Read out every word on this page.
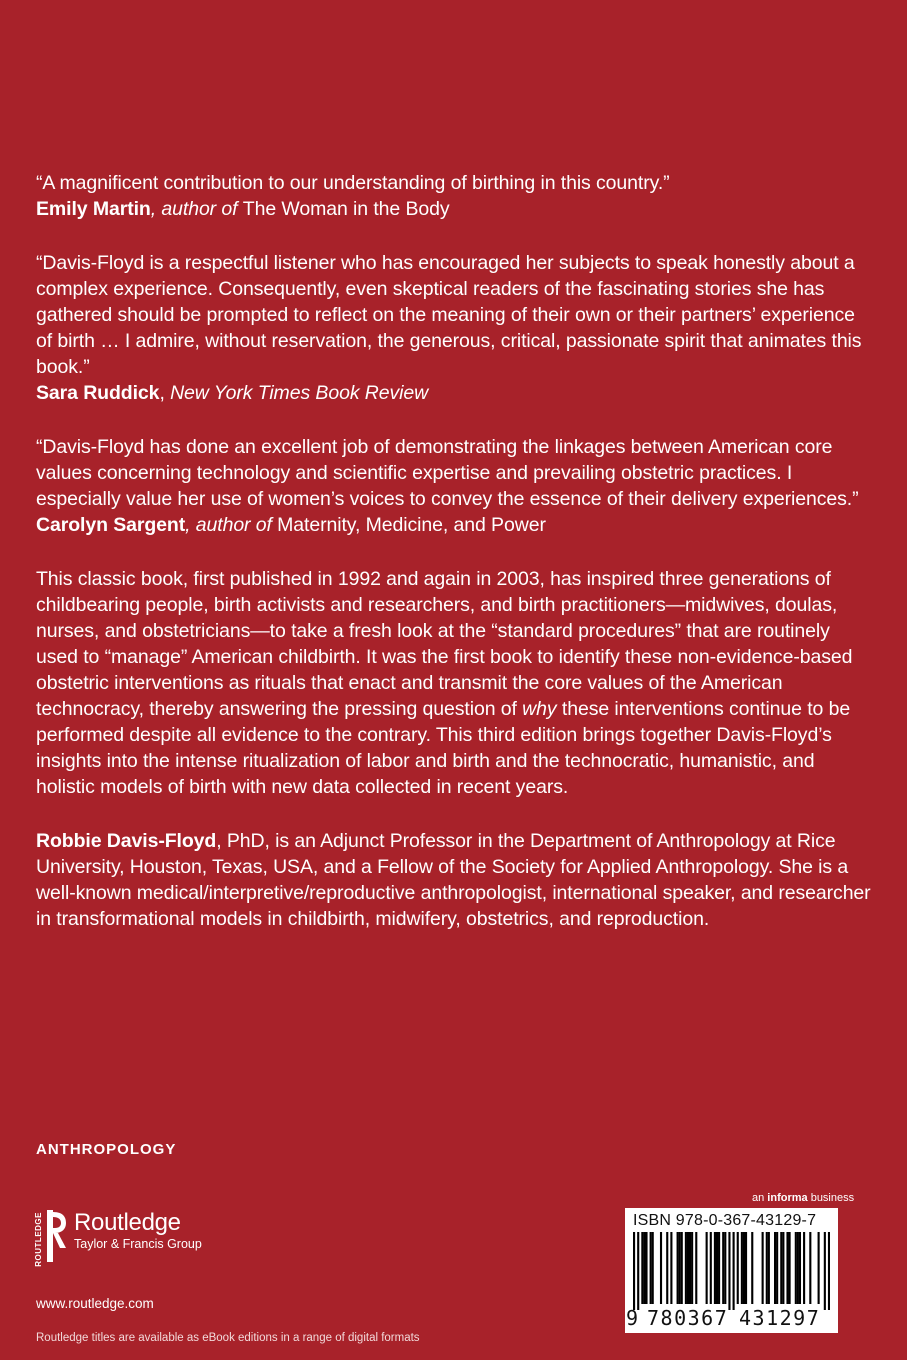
“A magnificent contribution to our understanding of birthing in this country.”

Emily Martin, author of The Woman in the Body

“Davis-Floyd is a respectful listener who has encouraged her subjects to speak honestly about a complex experience. Consequently, even skeptical readers of the fascinating stories she has gathered should be prompted to reflect on the meaning of their own or their partners’ experience of birth … I admire, without reservation, the generous, critical, passionate spirit that animates this book.”

Sara Ruddick, New York Times Book Review

“Davis-Floyd has done an excellent job of demonstrating the linkages between American core values concerning technology and scientific expertise and prevailing obstetric practices. I especially value her use of women’s voices to convey the essence of their delivery experiences.”

Carolyn Sargent, author of Maternity, Medicine, and Power

This classic book, first published in 1992 and again in 2003, has inspired three generations of childbearing people, birth activists and researchers, and birth practitioners—midwives, doulas, nurses, and obstetricians—to take a fresh look at the “standard procedures” that are routinely used to “manage” American childbirth. It was the first book to identify these non-evidence-based obstetric interventions as rituals that enact and transmit the core values of the American technocracy, thereby answering the pressing question of why these interventions continue to be performed despite all evidence to the contrary. This third edition brings together Davis-Floyd’s insights into the intense ritualization of labor and birth and the technocratic, humanistic, and holistic models of birth with new data collected in recent years.

Robbie Davis-Floyd, PhD, is an Adjunct Professor in the Department of Anthropology at Rice University, Houston, Texas, USA, and a Fellow of the Society for Applied Anthropology. She is a well-known medical/interpretive/reproductive anthropologist, international speaker, and researcher in transformational models in childbirth, midwifery, obstetrics, and reproduction.

ANTHROPOLOGY
ROUTLEDGE Routledge
Taylor & Francis Group
www.routledge.com
Routledge titles are available as eBook editions in a range of digital formats
an informa business
ISBN 978-0-367-43129-7
9 780367 431297
